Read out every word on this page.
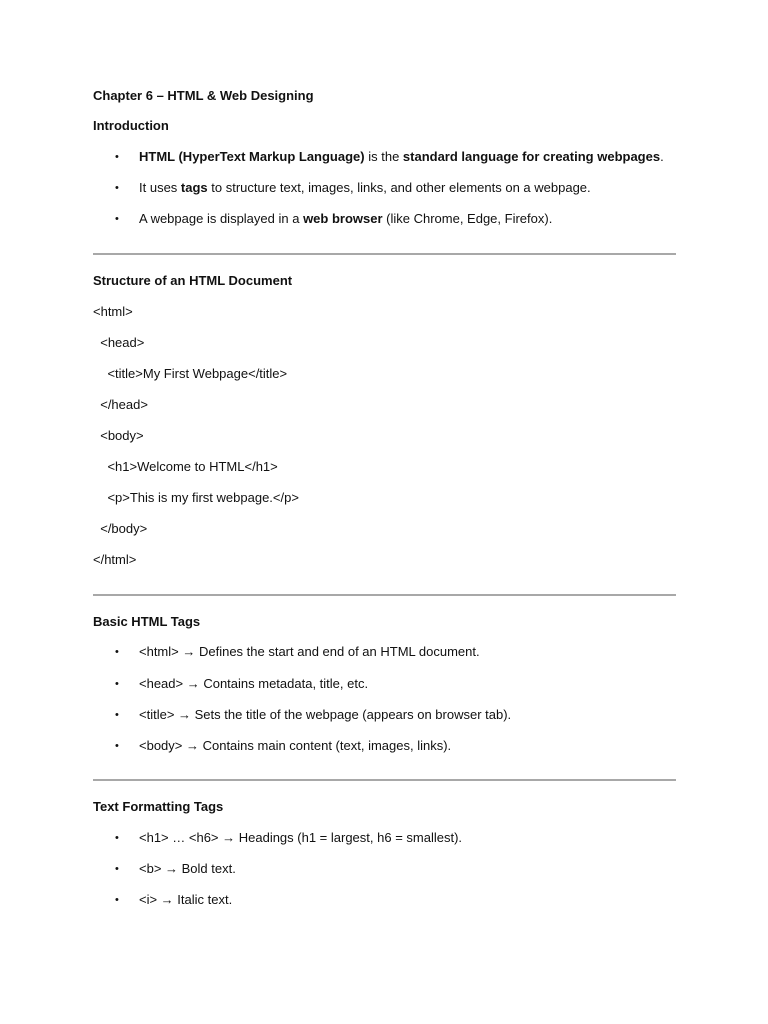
Chapter 6 – HTML & Web Designing
Introduction
• HTML (HyperText Markup Language) is the standard language for creating webpages.
• It uses tags to structure text, images, links, and other elements on a webpage.
• A webpage is displayed in a web browser (like Chrome, Edge, Firefox).
Structure of an HTML Document
<html>
<head>
<title>My First Webpage</title>
</head>
<body>
<h1>Welcome to HTML</h1>
<p>This is my first webpage.</p>
</body>
</html>
Basic HTML Tags
• <html> → Defines the start and end of an HTML document.
• <head> → Contains metadata, title, etc.
• <title> → Sets the title of the webpage (appears on browser tab).
• <body> → Contains main content (text, images, links).
Text Formatting Tags
• <h1> … <h6> → Headings (h1 = largest, h6 = smallest).
• <b> → Bold text.
• <i> → Italic text.
